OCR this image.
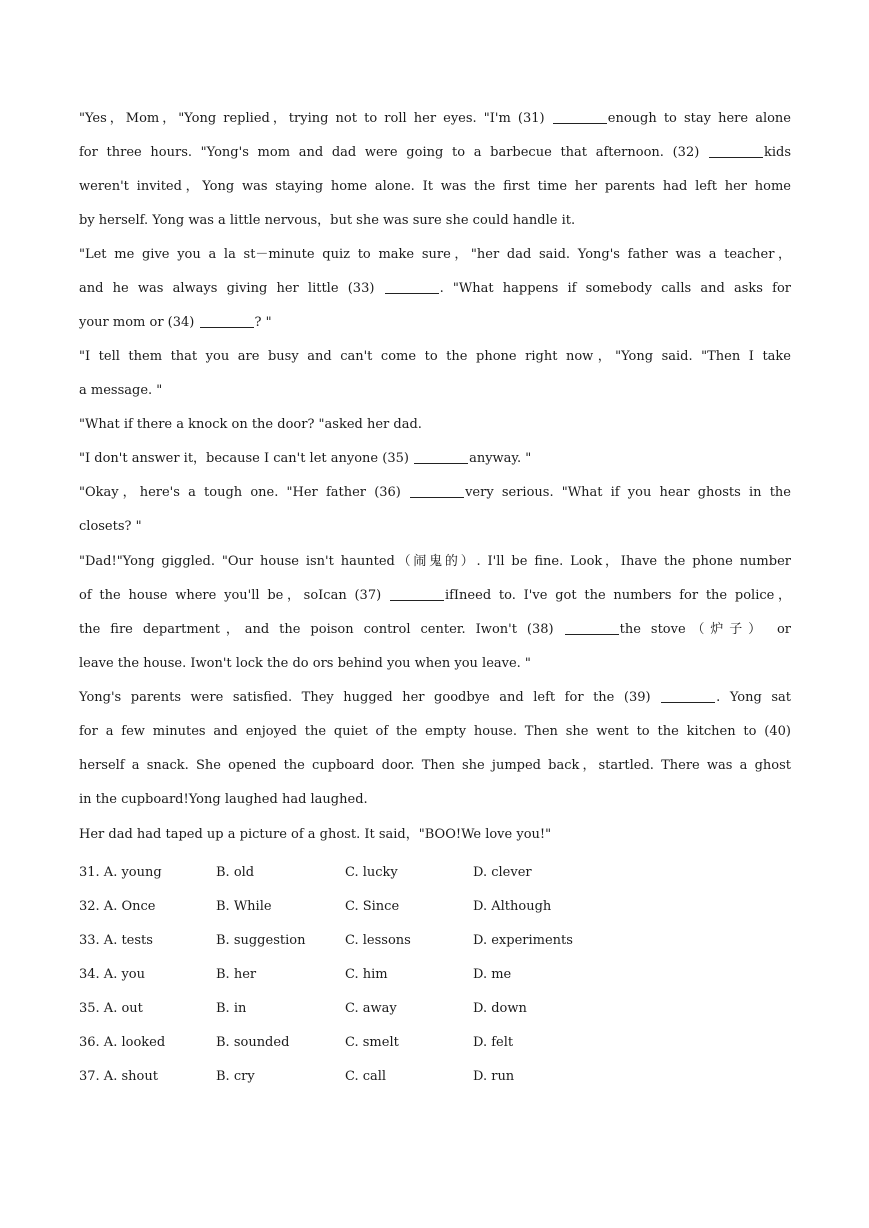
"Yes，Mom，"Yong replied，trying not to roll her eyes. "I'm (31)	enough to stay here alone
for three hours. "Yong's mom and dad were going to a barbecue that afternoon. (32)	kids
weren't invited，Yong was staying home alone. It was the first time her parents had left her home
by herself. Yong was a little nervous，but she was sure she could handle it.
"Let me give you a la st－minute quiz to make sure，"her dad said. Yong's father was a teacher，
and he was always giving her little (33)	. "What happens if somebody calls and asks for
your mom or (34)	? "
"I tell them that you are busy and can't come to the phone right now，"Yong said. "Then I take
a message. "
"What if there a knock on the door? "asked her dad.
"I don't answer it，because I can't let anyone (35)	anyway. "
"Okay，here's a tough one. "Her father (36)	very serious. "What if you hear ghosts in the
closets? "
"Dad!"Yong giggled. "Our house isn't haunted（闹鬼的）. I'll be fine. Look，Ihave the phone number
of the house where you'll be，soIcan (37)	ifIneed to. I've got the numbers for the police，
the fire department，and the poison control center. Iwon't (38)	the stove（炉子） or
leave the house. Iwon't lock the do ors behind you when you leave. "
Yong's parents were satisfied. They hugged her goodbye and left for the (39)	. Yong sat
for a few minutes and enjoyed the quiet of the empty house. Then she went to the kitchen to (40)
herself a snack. She opened the cupboard door. Then she jumped back，startled. There was a ghost
in the cupboard!Yong laughed had laughed.
Her dad had taped up a picture of a ghost. It said，"BOO!We love you!"
31. A. young	B. old	C. lucky	D. clever
32. A. Once	B. While	C. Since	D. Although
33. A. tests	B. suggestion	C. lessons	D. experiments
34. A. you	B. her	C. him	D. me
35. A. out	B. in	C. away	D. down
36. A. looked	B. sounded	C. smelt	D. felt
37. A. shout	B. cry	C. call	D. run
